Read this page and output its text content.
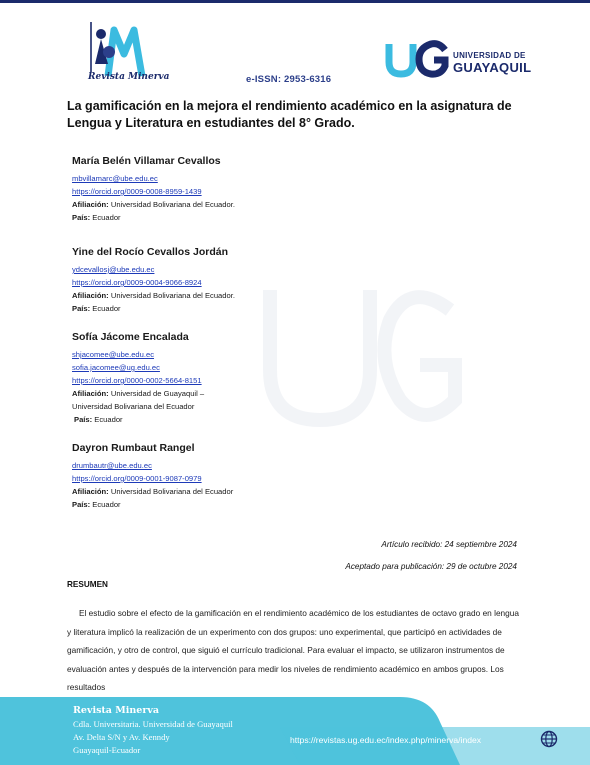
Revista Minerva	e-ISSN: 2953-6316
UNIVERSIDAD DE
GUAYAQUIL
La gamificación en la mejora el rendimiento académico en la asignatura de Lengua y Literatura en estudiantes del 8° Grado.
María Belén Villamar Cevallos
mbvillamarc@ube.edu.ec
https://orcid.org/0009-0008-8959-1439
Afiliación: Universidad Bolivariana del Ecuador.
País: Ecuador
Yine del Rocío Cevallos Jordán
ydcevallosj@ube.edu.ec
https://orcid.org/0009-0004-9066-8924
Afiliación: Universidad Bolivariana del Ecuador.
País: Ecuador
Sofía Jácome Encalada
shjacomee@ube.edu.ec
sofia.jacomee@ug.edu.ec
https://orcid.org/0000-0002-5664-8151
Afiliación: Universidad de Guayaquil –
Universidad Bolivariana del Ecuador
País: Ecuador
Dayron Rumbaut Rangel
drumbautr@ube.edu.ec
https://orcid.org/0009-0001-9087-0979
Afiliación: Universidad Bolivariana del Ecuador
País: Ecuador
Artículo recibido: 24 septiembre 2024
Aceptado para publicación: 29 de octubre 2024
RESUMEN
El estudio sobre el efecto de la gamificación en el rendimiento académico de los estudiantes de octavo grado en lengua y literatura implicó la realización de un experimento con dos grupos: uno experimental, que participó en actividades de gamificación, y otro de control, que siguió el currículo tradicional. Para evaluar el impacto, se utilizaron instrumentos de evaluación antes y después de la intervención para medir los niveles de rendimiento académico en ambos grupos. Los resultados
Revista Minerva
Cdla. Universitaria. Universidad de Guayaquil
Av. Delta S/N y Av. Kenndy
Guayaquil-Ecuador
https://revistas.ug.edu.ec/index.php/minerva/index
